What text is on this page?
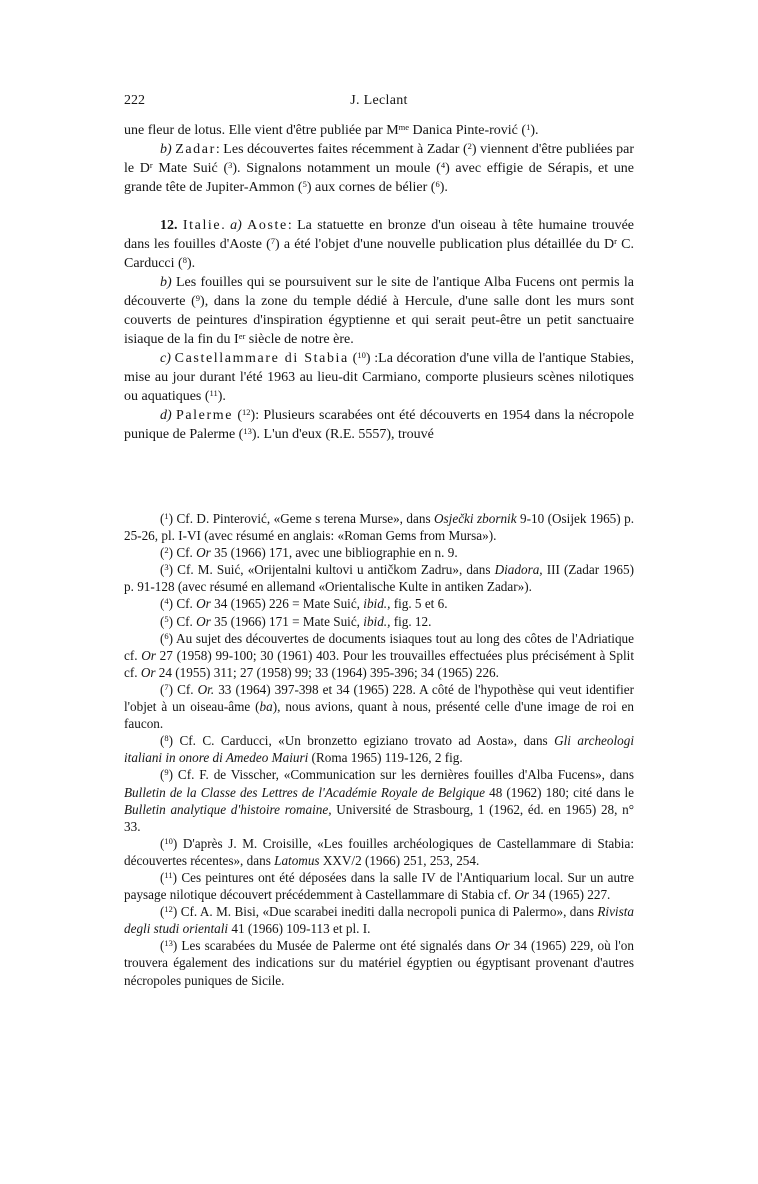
222	J. Leclant

une fleur de lotus. Elle vient d'être publiée par $M^{me}$ Danica Pinte-rović ($^1$).

b) Zadar: Les découvertes faites récemment à Zadar ($^2$) viennent d'être publiées par le $D^r$ Mate Suić ($^3$). Signalons notamment un moule ($^4$) avec effigie de Sérapis, et une grande tête de Jupiter-Ammon ($^5$) aux cornes de bélier ($^6$).

12. Italie. a) Aoste: La statuette en bronze d'un oiseau à tête humaine trouvée dans les fouilles d'Aoste ($^7$) a été l'objet d'une nouvelle publication plus détaillée du $D^r$ C. Carducci ($^8$).

b) Les fouilles qui se poursuivent sur le site de l'antique Alba Fucens ont permis la découverte ($^9$), dans la zone du temple dédié à Hercule, d'une salle dont les murs sont couverts de peintures d'inspiration égyptienne et qui serait peut-être un petit sanctuaire isiaque de la fin du Ier siècle de notre ère.

c) Castellammare di Stabia ($^{10}$) :La décoration d'une villa de l'antique Stabies, mise au jour durant l'été 1963 au lieu-dit Carmiano, comporte plusieurs scènes nilotiques ou aquatiques ($^{11}$).

d) Palerme ($^{12}$): Plusieurs scarabées ont été découverts en 1954 dans la nécropole punique de Palerme ($^{13}$). L'un d'eux (R.E. 5557), trouvé

($^1$) Cf. D. Pinterović, «Geme s terena Murse», dans Osječki zbornik 9-10 (Osijek 1965) p. 25-26, pl. I-VI (avec résumé en anglais: «Roman Gems from Mursa»).

($^2$) Cf. Or 35 (1966) 171, avec une bibliographie en n. 9.

($^3$) Cf. M. Suić, «Orijentalni kultovi u antičkom Zadru», dans Diadora, III (Zadar 1965) p. 91-128 (avec résumé en allemand «Orientalische Kulte in antiken Zadar»).

($^4$) Cf. Or 34 (1965) 226 = Mate Suić, ibid., fig. 5 et 6.

($^5$) Cf. Or 35 (1966) 171 = Mate Suić, ibid., fig. 12.

($^6$) Au sujet des découvertes de documents isiaques tout au long des côtes de l'Adriatique cf. Or 27 (1958) 99-100; 30 (1961) 403. Pour les trouvailles effectuées plus précisément à Split cf. Or 24 (1955) 311; 27 (1958) 99; 33 (1964) 395-396; 34 (1965) 226.

($^7$) Cf. Or. 33 (1964) 397-398 et 34 (1965) 228. A côté de l'hypothèse qui veut identifier l'objet à un oiseau-âme (ba), nous avions, quant à nous, présenté celle d'une image de roi en faucon.

($^8$) Cf. C. Carducci, «Un bronzetto egiziano trovato ad Aosta», dans Gli archeologi italiani in onore di Amedeo Maiuri (Roma 1965) 119-126, 2 fig.

($^9$) Cf. F. de Visscher, «Communication sur les dernières fouilles d'Alba Fucens», dans Bulletin de la Classe des Lettres de l'Académie Royale de Belgique 48 (1962) 180; cité dans le Bulletin analytique d'histoire romaine, Université de Strasbourg, 1 (1962, éd. en 1965) 28, n° 33.

($^{10}$) D'après J. M. Croisille, «Les fouilles archéologiques de Castellammare di Stabia: découvertes récentes», dans Latomus XXV/2 (1966) 251, 253, 254.

($^{11}$) Ces peintures ont été déposées dans la salle IV de l'Antiquarium local. Sur un autre paysage nilotique découvert précédemment à Castellammare di Stabia cf. Or 34 (1965) 227.

($^{12}$) Cf. A. M. Bisi, «Due scarabei inediti dalla necropoli punica di Palermo», dans Rivista degli studi orientali 41 (1966) 109-113 et pl. I.

($^{13}$) Les scarabées du Musée de Palerme ont été signalés dans Or 34 (1965) 229, où l'on trouvera également des indications sur du matériel égyptien ou égyptisant provenant d'autres nécropoles puniques de Sicile.
